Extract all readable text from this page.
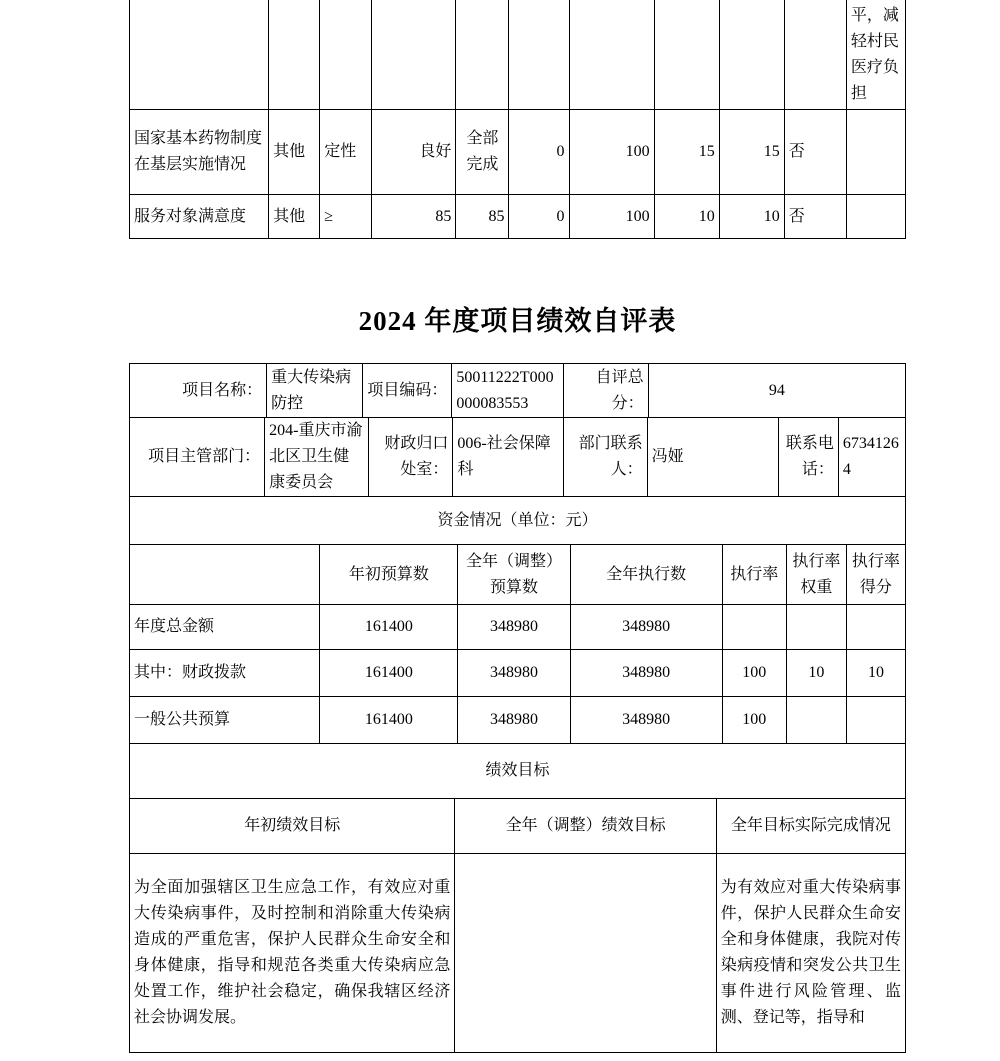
										平，减轻村民医疗负担
国家基本药物制度在基层实施情况	其他	定性	良好	全部完成	0	100	15	15	否	
服务对象满意度	其他	≥	85	85	0	100	10	10	否	
2024 年度项目绩效自评表
项目名称：	重大传染病防控	项目编码：	50011222T000000083553	自评总分：	94
项目主管部门：	204-重庆市渝北区卫生健康委员会	财政归口处室：	006-社会保障科	部门联系人：	冯娅	联系电话：	67341264
资金情况（单位：元）
	年初预算数	全年（调整）预算数	全年执行数	执行率	执行率权重	执行率得分
年度总金额	161400	348980	348980			
其中：财政拨款	161400	348980	348980	100	10	10
一般公共预算	161400	348980	348980	100		
绩效目标
年初绩效目标	全年（调整）绩效目标	全年目标实际完成情况
为全面加强辖区卫生应急工作，有效应对重大传染病事件，及时控制和消除重大传染病造成的严重危害，保护人民群众生命安全和身体健康，指导和规范各类重大传染病应急处置工作，维护社会稳定，确保我辖区经济社会协调发展。		为有效应对重大传染病事件，保护人民群众生命安全和身体健康，我院对传染病疫情和突发公共卫生事件进行风险管理、监测、登记等，指导和
